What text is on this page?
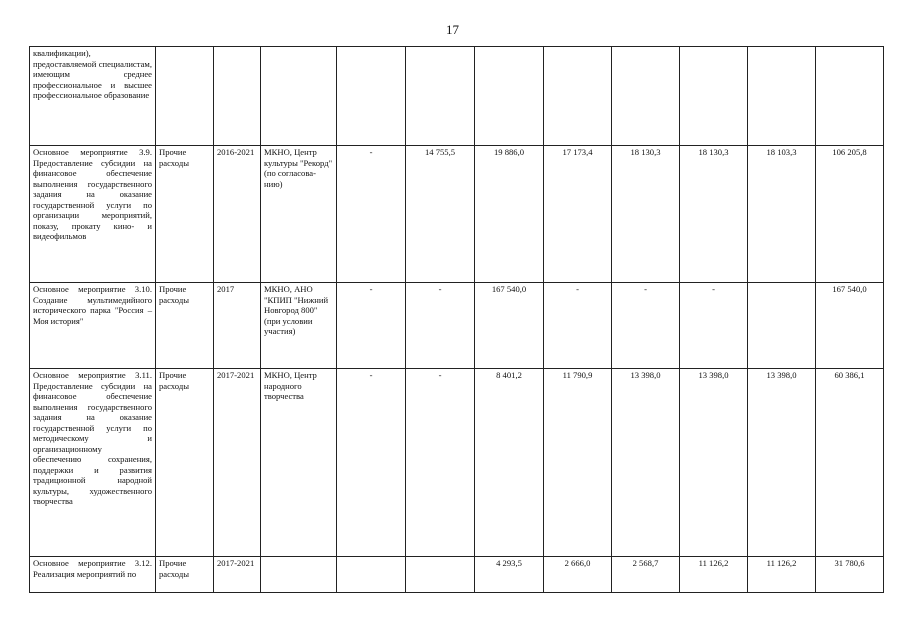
17
квалификации), предоставляемой специалистам, имеющим среднее профессиональное и высшее профессиональное образование											
Основное мероприятие 3.9. Предоставление субсидии на финансовое обеспечение выполнения государственного задания на оказание государственной услуги по организации мероприятий, показу, прокату кино- и видеофильмов	Прочие расходы	2016-2021	МКНО, Центр культуры "Рекорд" (по согласова-нию)	-	14 755,5	19 886,0	17 173,4	18 130,3	18 130,3	18 103,3	106 205,8
Основное мероприятие 3.10. Создание мультимедийного исторического парка "Россия – Моя история"	Прочие расходы	2017	МКНО, АНО "КПИП "Нижний Новгород 800" (при условии участия)	-	-	167 540,0	-	-	-		167 540,0
Основное мероприятие 3.11. Предоставление субсидии на финансовое обеспечение выполнения государственного задания на оказание государственной услуги по методическому и организационному обеспечению сохранения, поддержки и развития традиционной народной культуры, художественного творчества	Прочие расходы	2017-2021	МКНО, Центр народного творчества	-	-	8 401,2	11 790,9	13 398,0	13 398,0	13 398,0	60 386,1
Основное мероприятие 3.12. Реализация мероприятий по	Прочие расходы	2017-2021				4 293,5	2 666,0	2 568,7	11 126,2	11 126,2	31 780,6
